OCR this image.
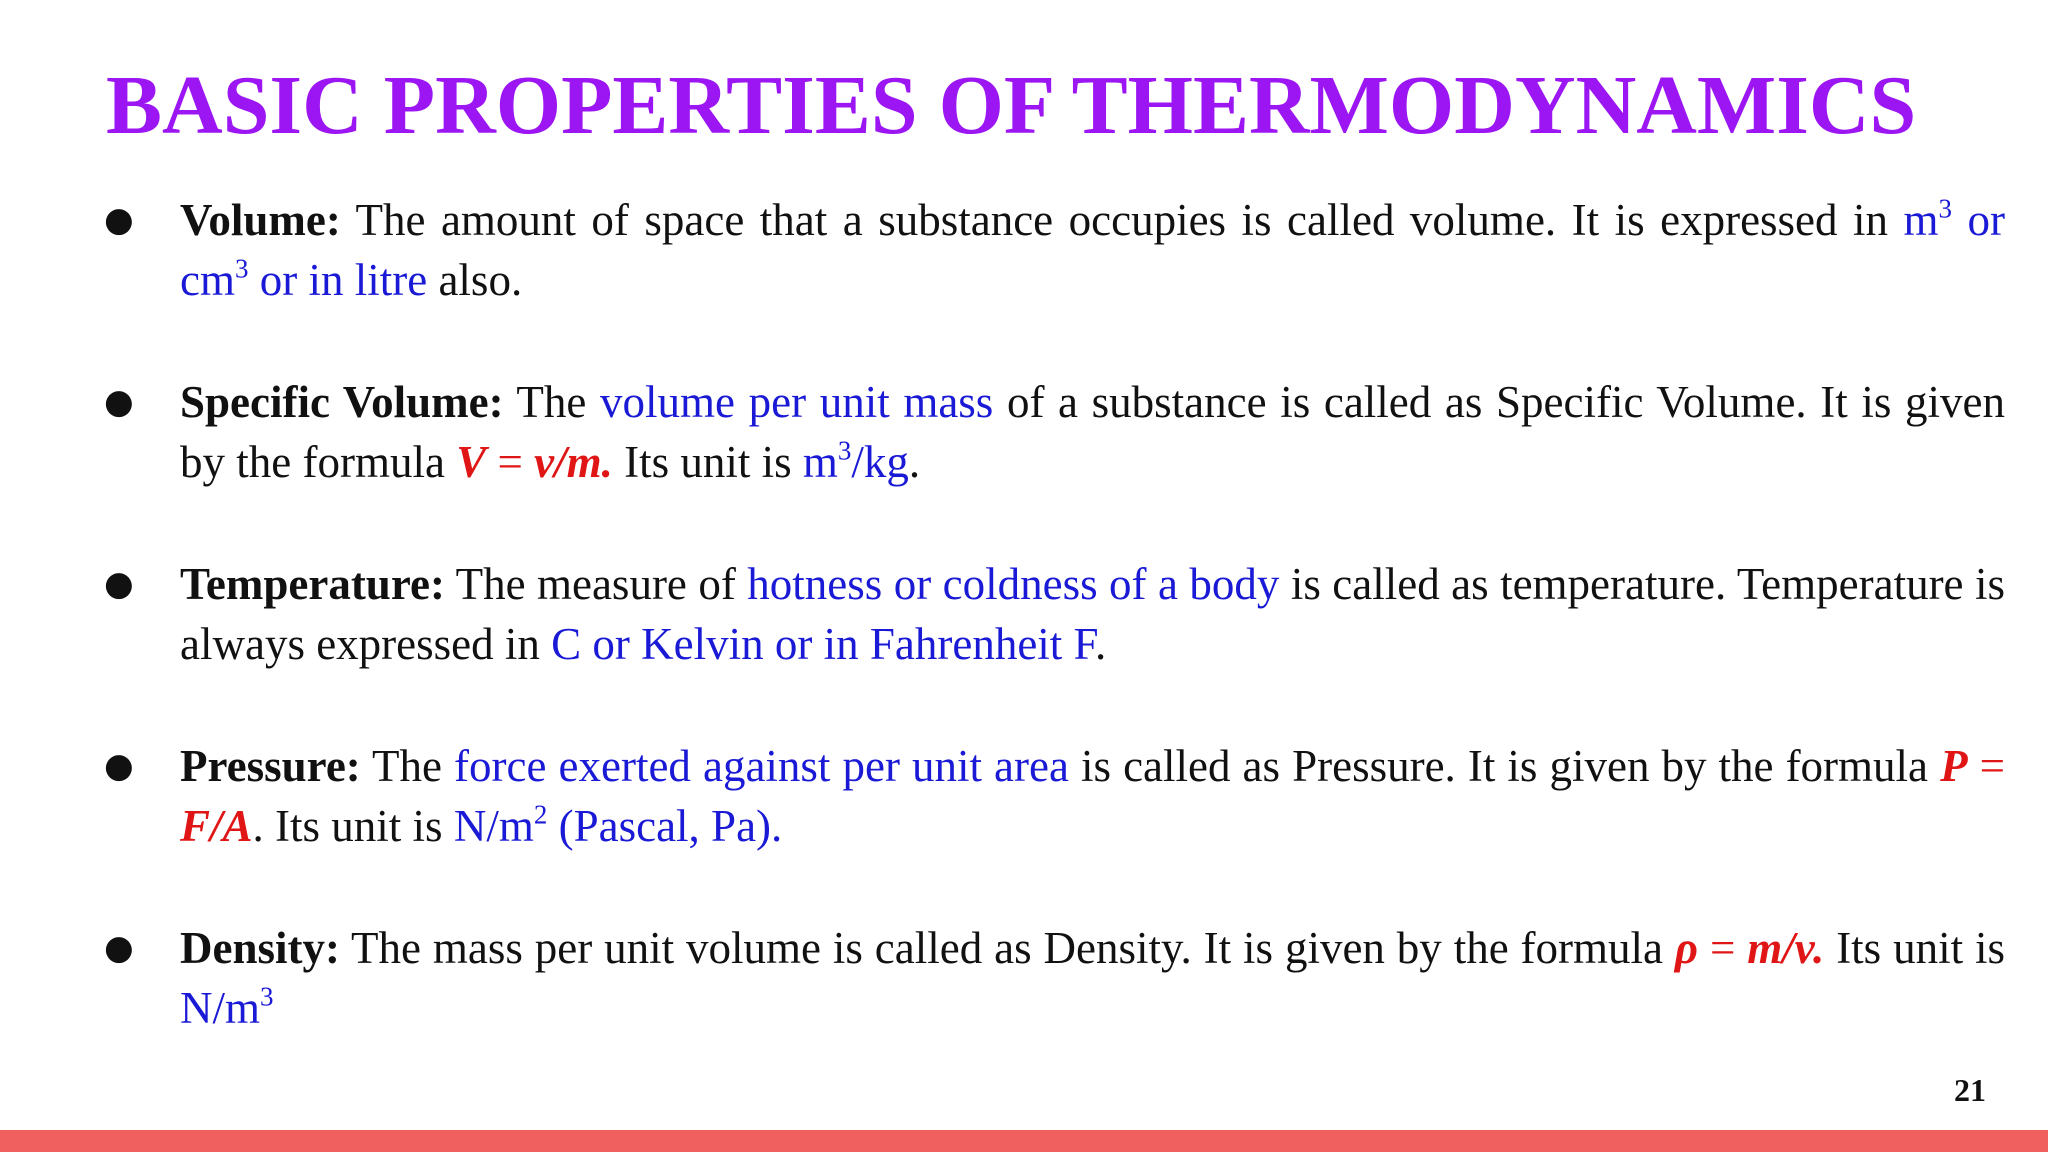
BASIC PROPERTIES OF THERMODYNAMICS
● Volume: The amount of space that a substance occupies is called volume. It is expressed in $m^3$ or $cm^3$ or in litre also.
● Specific Volume: The volume per unit mass of a substance is called as Specific Volume. It is given by the formula V = v/m. Its unit is $m^3/kg$.
● Temperature: The measure of hotness or coldness of a body is called as temperature. Temperature is always expressed in C or Kelvin or in Fahrenheit F.
● Pressure: The force exerted against per unit area is called as Pressure. It is given by the formula P = F/A. Its unit is $N/m^2$ (Pascal, Pa).
● Density: The mass per unit volume is called as Density. It is given by the formula ρ = m/v. Its unit is $N/m^3$
21
